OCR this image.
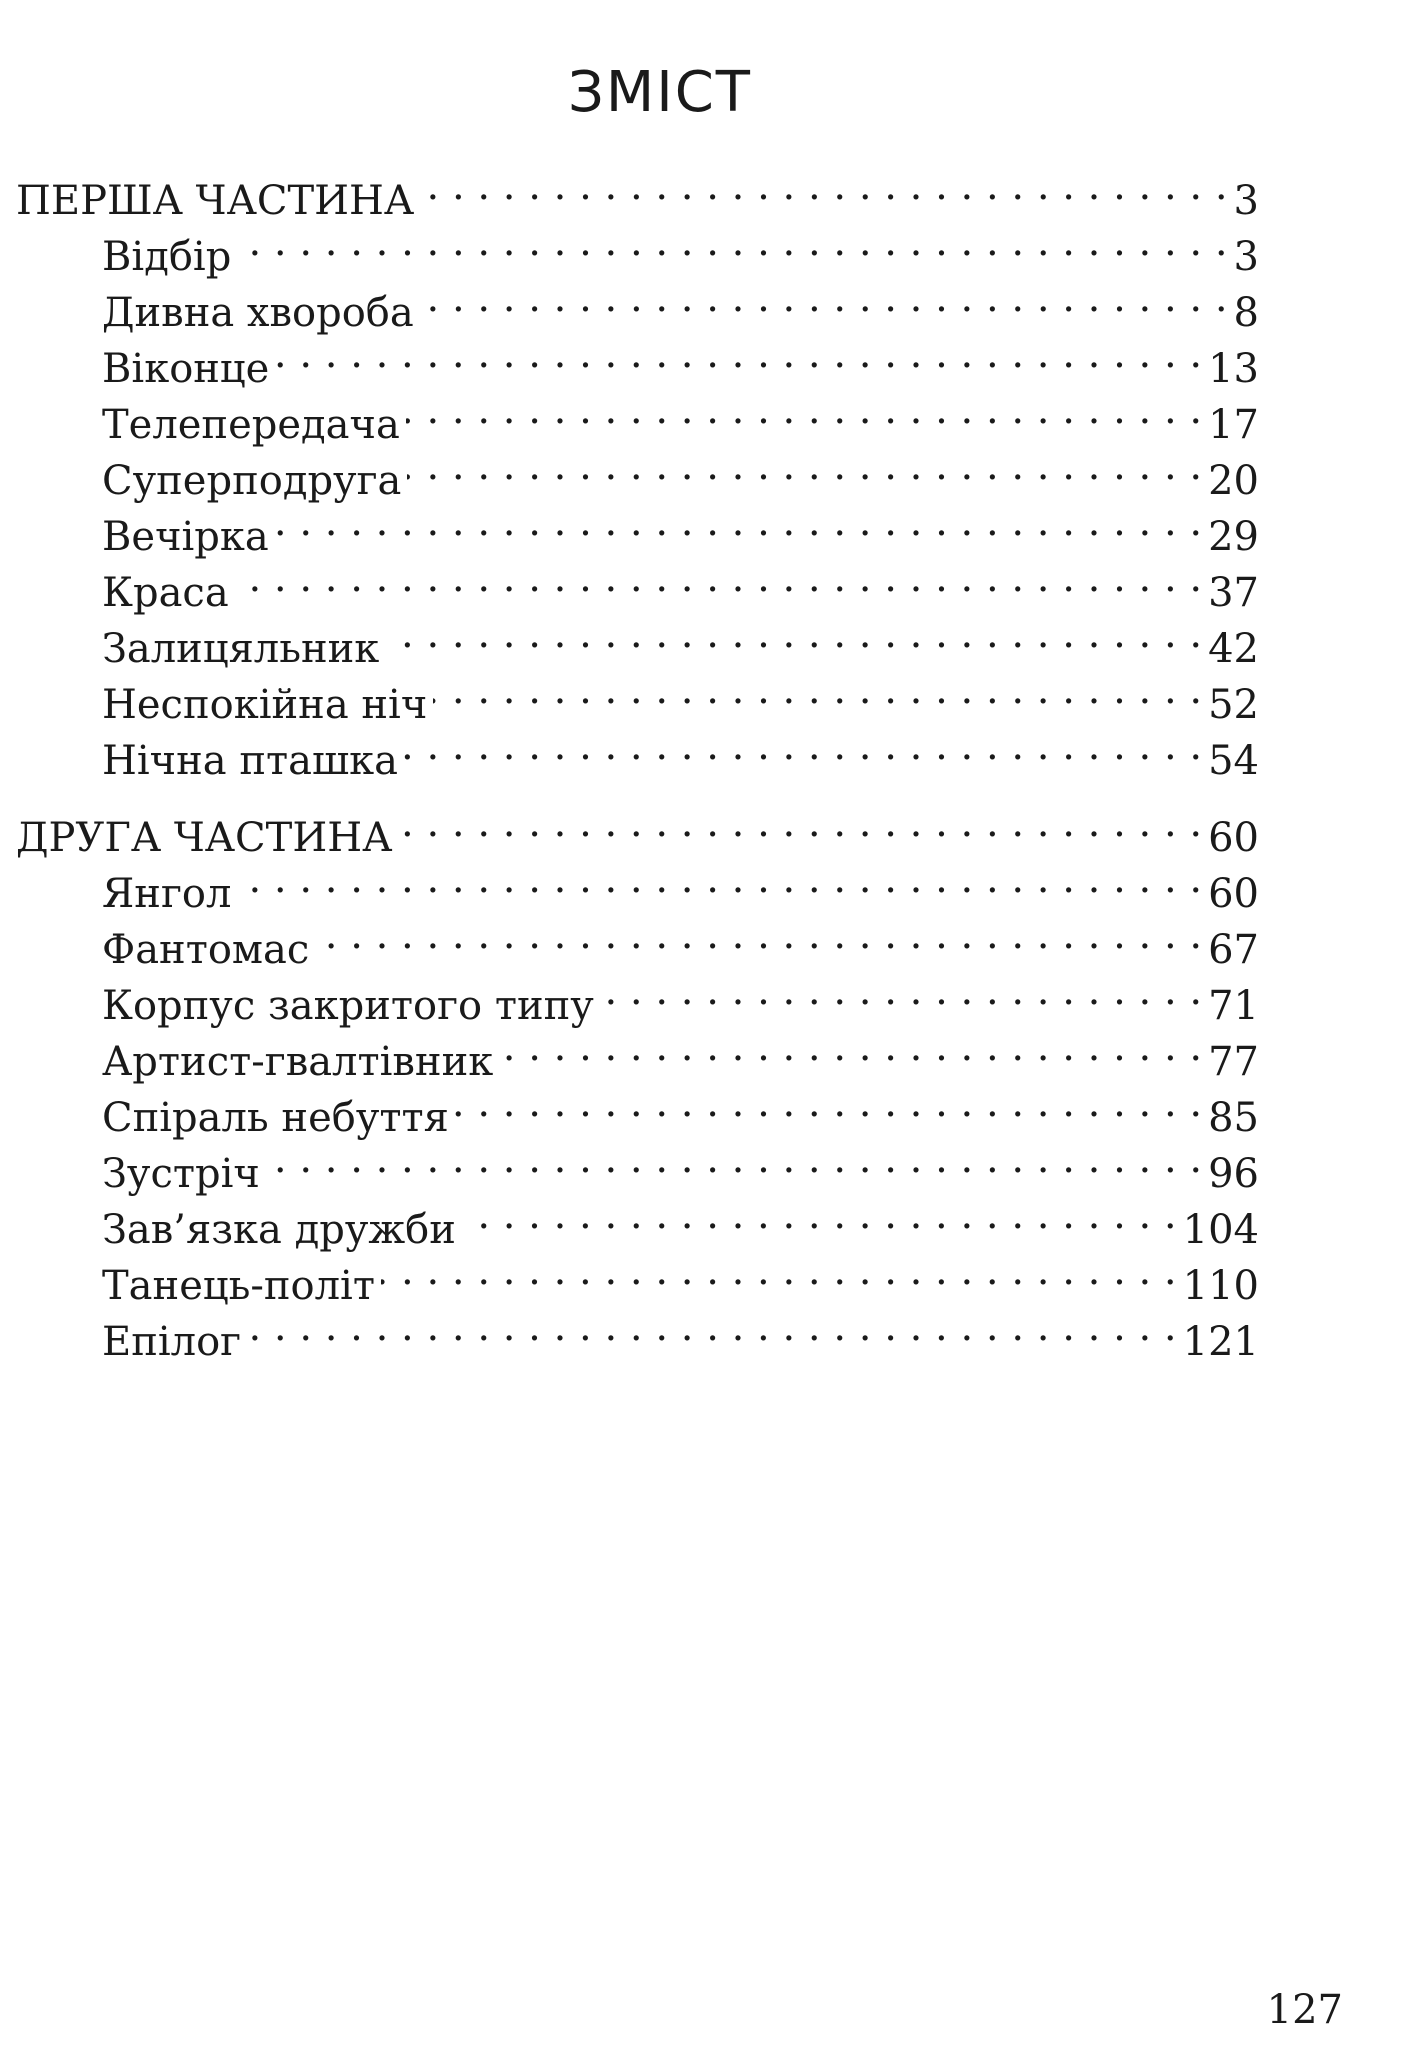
ЗМІСТ
ПЕРША ЧАСТИНА . . .	3
Відбір . . .	3
Дивна хвороба . . .	8
Віконце . . .	13
Телепередача . . .	17
Суперподруга . . .	20
Вечірка . . .	29
Краса . . .	37
Залицяльник . . .	42
Неспокійна ніч . . .	52
Нічна пташка . . .	54
ДРУГА ЧАСТИНА . . .	60
Янгол . . .	60
Фантомас . . .	67
Корпус закритого типу . . .	71
Артист-гвалтівник . . .	77
Спіраль небуття . . .	85
Зустріч . . .	96
Зав’язка дружби . . .	104
Танець-політ . . .	110
Епілог . . .	121
127
